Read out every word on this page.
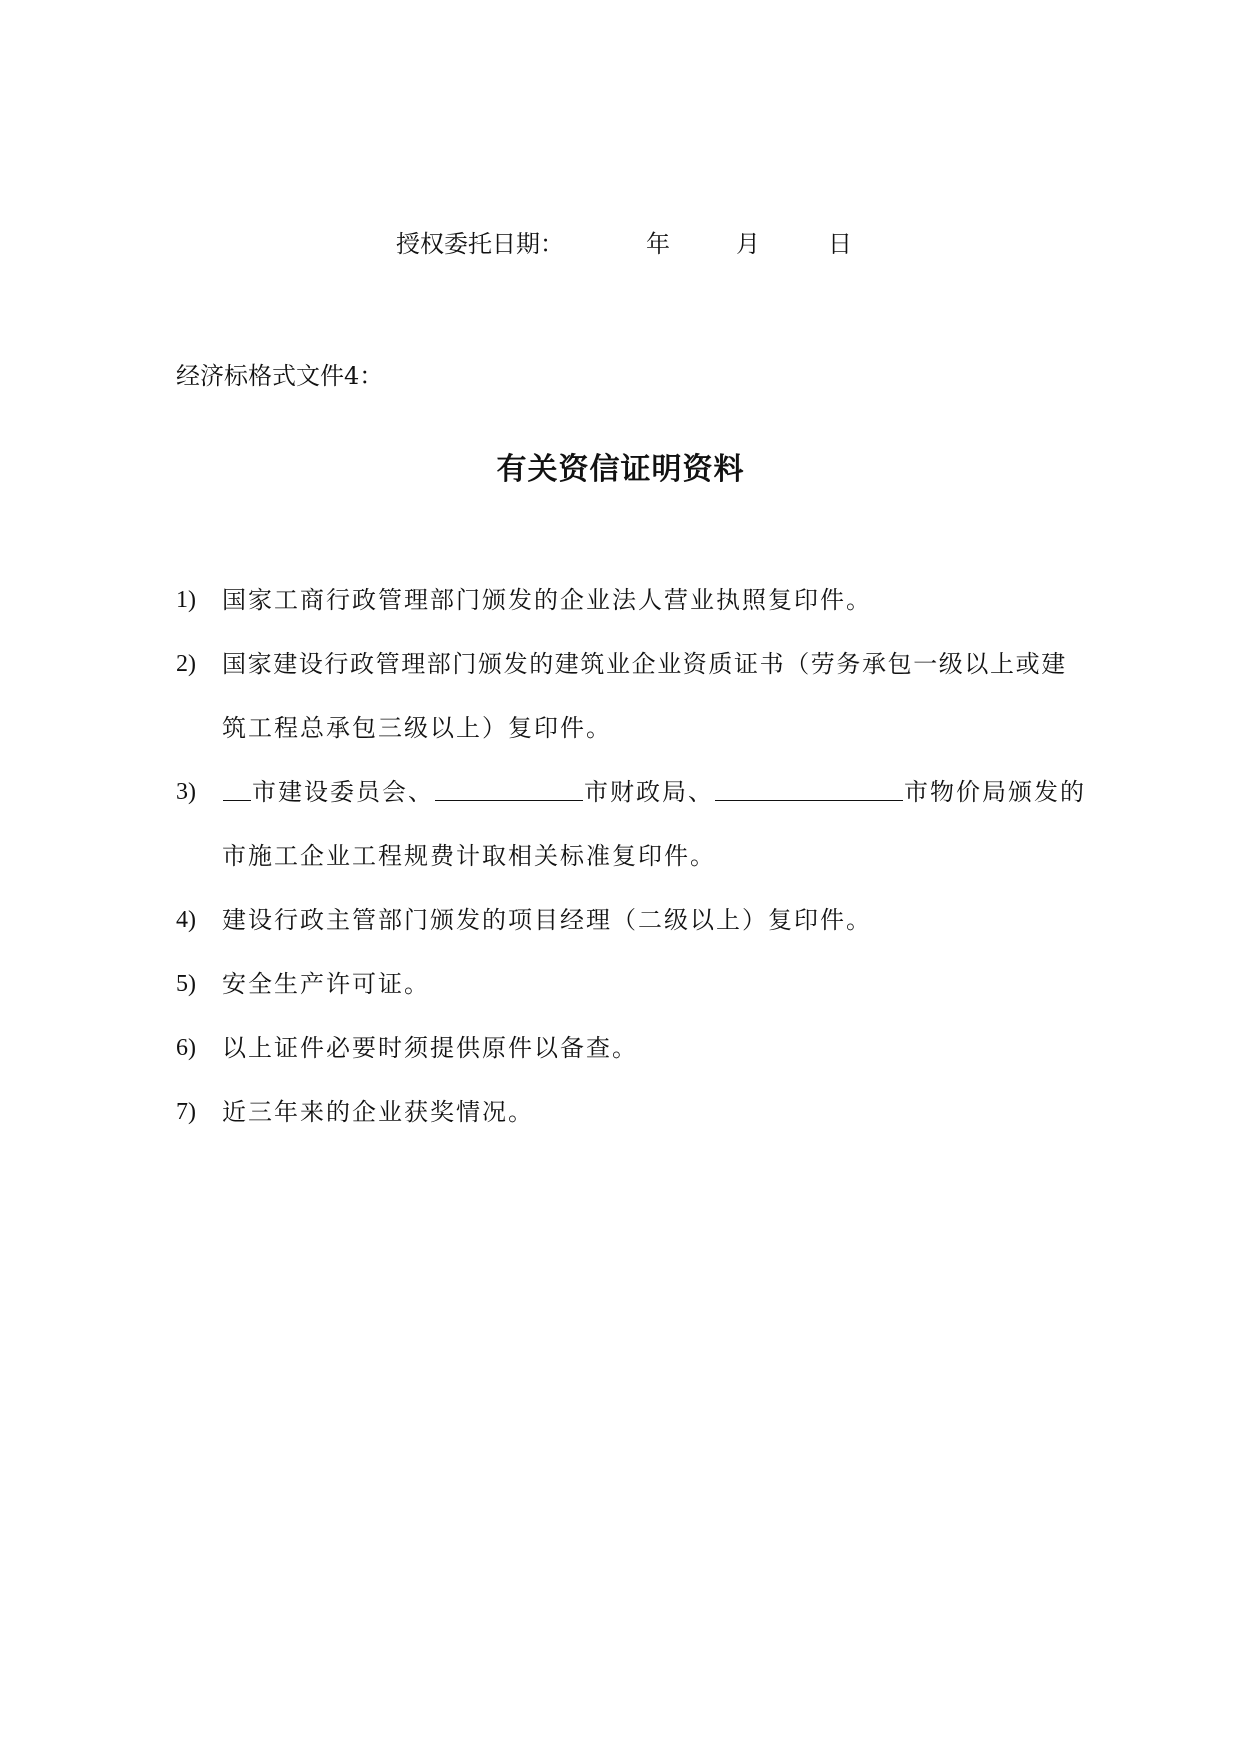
授权委托日期：	年	月	日
经济标格式文件4：
有关资信证明资料
1) 国家工商行政管理部门颁发的企业法人营业执照复印件。
2) 国家建设行政管理部门颁发的建筑业企业资质证书（劳务承包一级以上或建
筑工程总承包三级以上）复印件。
3)	市建设委员会、	市财政局、	市物价局颁发的
市施工企业工程规费计取相关标准复印件。
4) 建设行政主管部门颁发的项目经理（二级以上）复印件。
5) 安全生产许可证。
6) 以上证件必要时须提供原件以备查。
7) 近三年来的企业获奖情况。
